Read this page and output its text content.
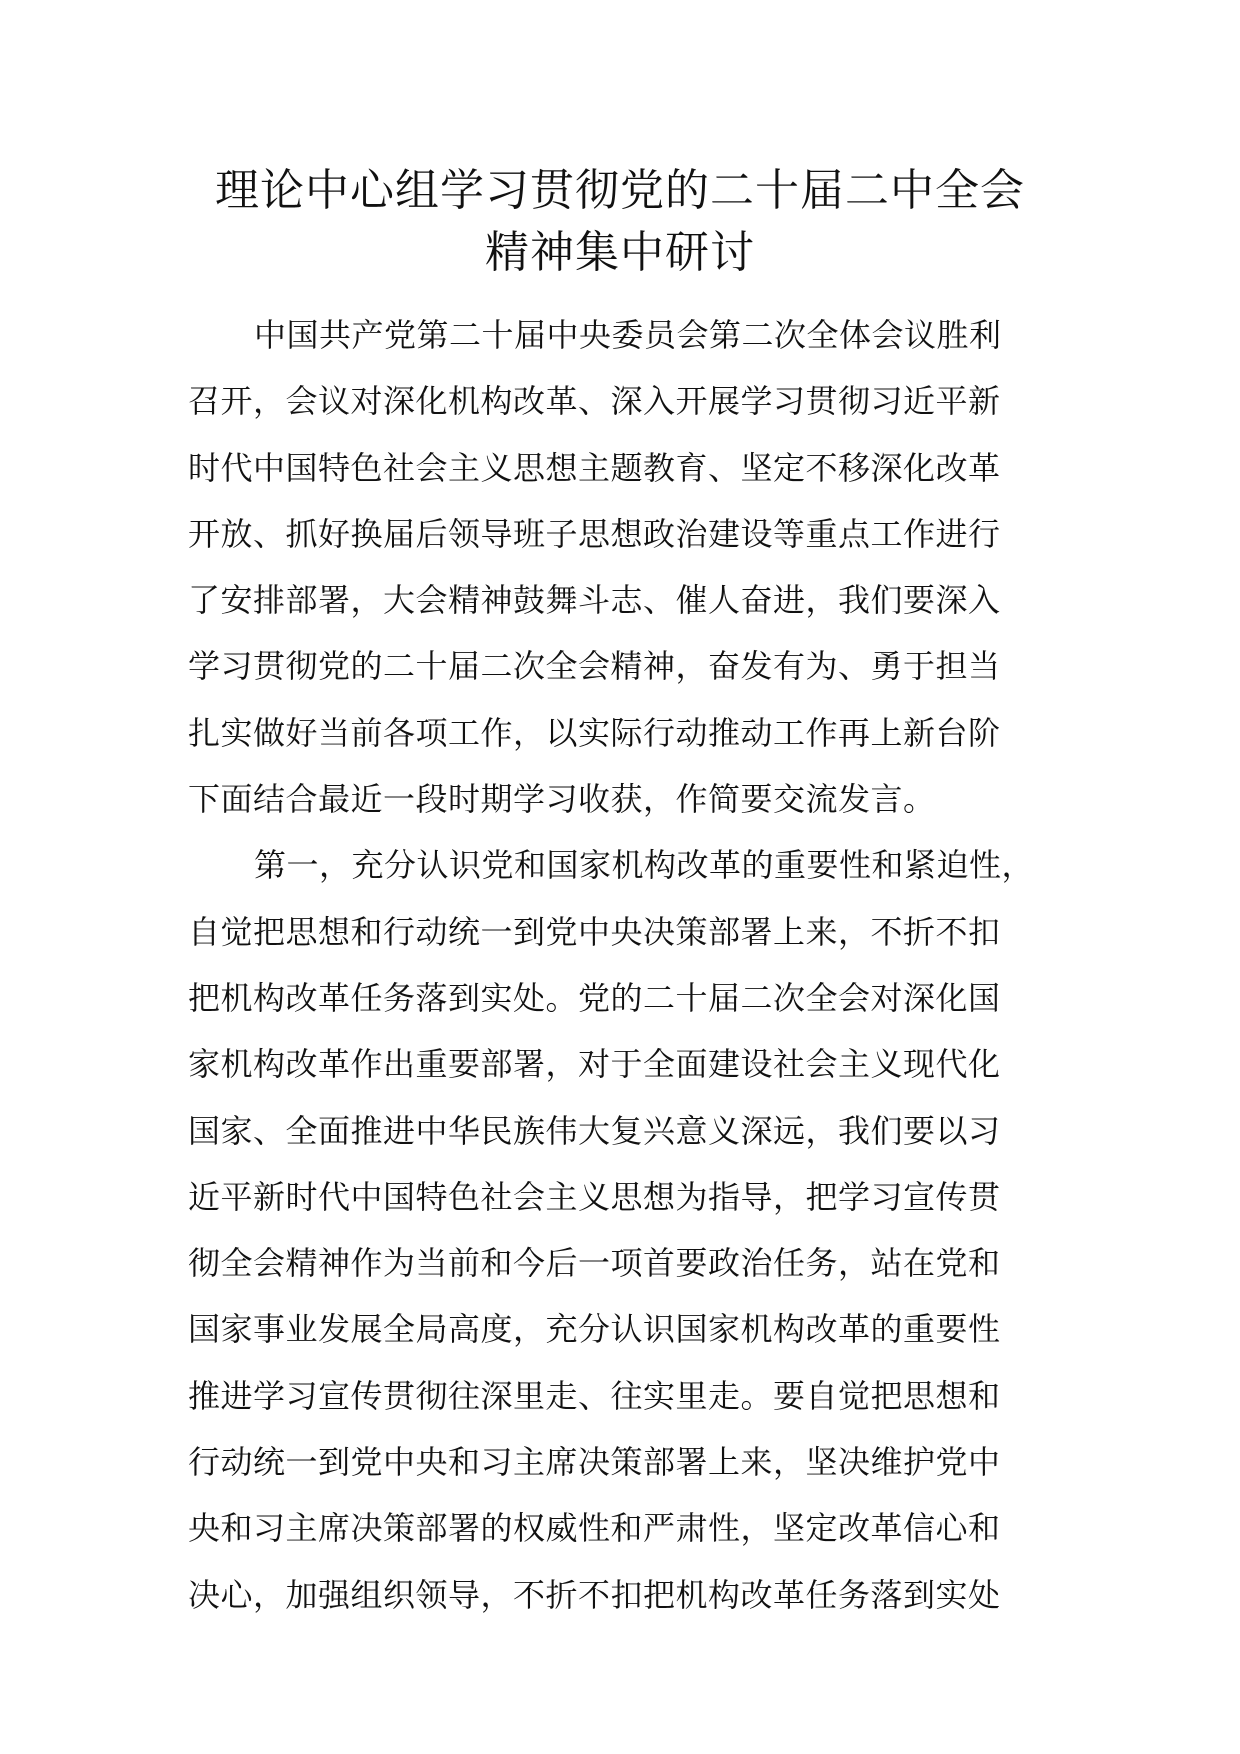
理论中心组学习贯彻党的二十届二中全会
精神集中研讨
中国共产党第二十届中央委员会第二次全体会议胜利
召开，会议对深化机构改革、深入开展学习贯彻习近平新
时代中国特色社会主义思想主题教育、坚定不移深化改革
开放、抓好换届后领导班子思想政治建设等重点工作进行
了安排部署，大会精神鼓舞斗志、催人奋进，我们要深入
学习贯彻党的二十届二次全会精神，奋发有为、勇于担当
扎实做好当前各项工作，以实际行动推动工作再上新台阶
下面结合最近一段时期学习收获，作简要交流发言。
第一，充分认识党和国家机构改革的重要性和紧迫性，
自觉把思想和行动统一到党中央决策部署上来，不折不扣
把机构改革任务落到实处。党的二十届二次全会对深化国
家机构改革作出重要部署，对于全面建设社会主义现代化
国家、全面推进中华民族伟大复兴意义深远，我们要以习
近平新时代中国特色社会主义思想为指导，把学习宣传贯
彻全会精神作为当前和今后一项首要政治任务，站在党和
国家事业发展全局高度，充分认识国家机构改革的重要性
推进学习宣传贯彻往深里走、往实里走。要自觉把思想和
行动统一到党中央和习主席决策部署上来，坚决维护党中
央和习主席决策部署的权威性和严肃性，坚定改革信心和
决心，加强组织领导，不折不扣把机构改革任务落到实处
